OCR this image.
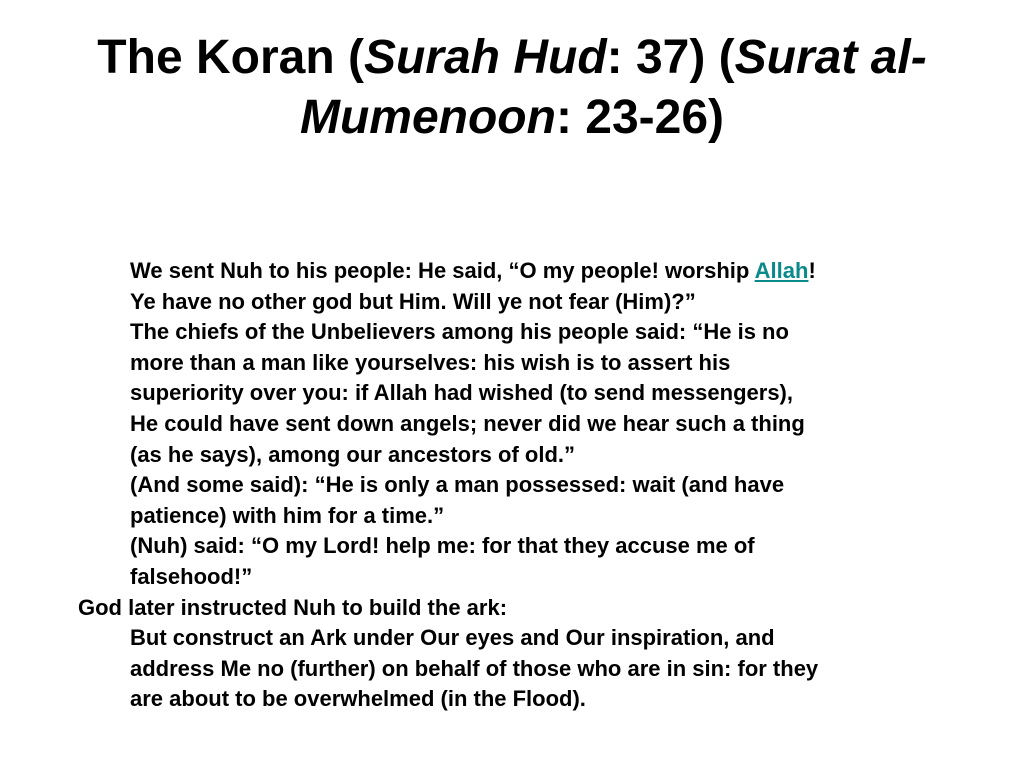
The Koran (Surah Hud: 37) (Surat al-Mumenoon: 23-26)
We sent Nuh to his people: He said, “O my people! worship Allah!
Ye have no other god but Him. Will ye not fear (Him)?”
The chiefs of the Unbelievers among his people said: “He is no
more than a man like yourselves: his wish is to assert his
superiority over you: if Allah had wished (to send messengers),
He could have sent down angels; never did we hear such a thing
(as he says), among our ancestors of old.”
(And some said): “He is only a man possessed: wait (and have
patience) with him for a time.”
(Nuh) said: “O my Lord! help me: for that they accuse me of
falsehood!”
God later instructed Nuh to build the ark:
But construct an Ark under Our eyes and Our inspiration, and
address Me no (further) on behalf of those who are in sin: for they
are about to be overwhelmed (in the Flood).
